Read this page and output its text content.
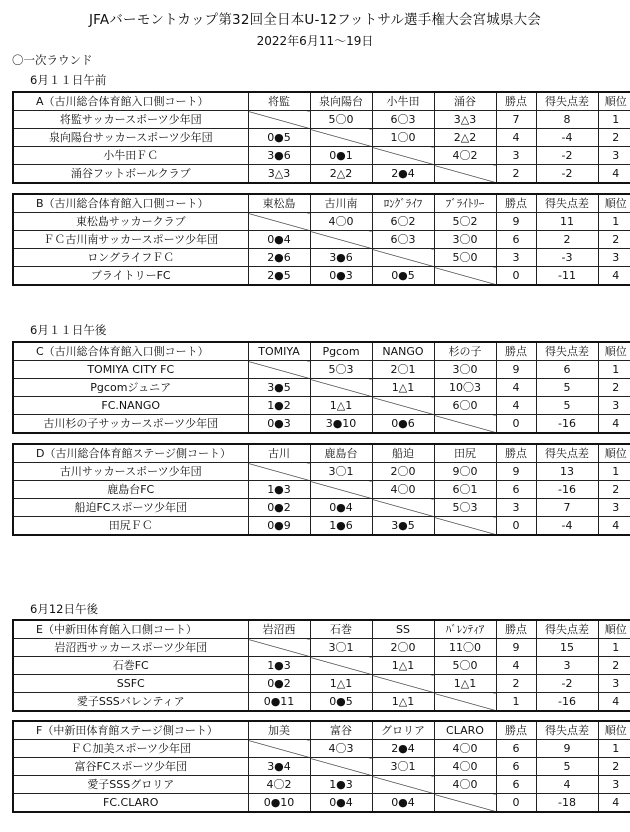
JFAバーモントカップ第32回全日本U-12フットサル選手権大会宮城県大会
2022年6月11～19日
〇一次ラウンド
6月１１日午前
6月１１日午後
6月12日午後
A（古川総合体育館入口側コート）	将監	泉向陽台	小牛田	涌谷	勝点	得失点差	順位
将監サッカースポーツ少年団		5〇0	6〇3	3△3	7	8	1
泉向陽台サッカースポーツ少年団	0●5		1〇0	2△2	4	-4	2
小牛田ＦＣ	3●6	0●1		4〇2	3	-2	3
涌谷フットボールクラブ	3△3	2△2	2●4		2	-2	4
B（古川総合体育館入口側コート）	東松島	古川南	ﾛﾝｸﾞﾗｲﾌ	ﾌﾞﾗｲﾄﾘｰ	勝点	得失点差	順位
東松島サッカークラブ		4〇0	6〇2	5〇2	9	11	1
ＦＣ古川南サッカースポーツ少年団	0●4		6〇3	3〇0	6	2	2
ロングライフＦＣ	2●6	3●6		5〇0	3	-3	3
ブライトリーFC	2●5	0●3	0●5		0	-11	4
C（古川総合体育館入口側コート）	TOMIYA	Pgcom	NANGO	杉の子	勝点	得失点差	順位
TOMIYA CITY FC		5〇3	2〇1	3〇0	9	6	1
Pgcomジュニア	3●5		1△1	10〇3	4	5	2
FC.NANGO	1●2	1△1		6〇0	4	5	3
古川杉の子サッカースポーツ少年団	0●3	3●10	0●6		0	-16	4
D（古川総合体育館ステージ側コート）	古川	鹿島台	船迫	田尻	勝点	得失点差	順位
古川サッカースポーツ少年団		3〇1	2〇0	9〇0	9	13	1
鹿島台FC	1●3		4〇0	6〇1	6	-16	2
船迫FCスポーツ少年団	0●2	0●4		5〇3	3	7	3
田尻ＦＣ	0●9	1●6	3●5		0	-4	4
E（中新田体育館入口側コート）	岩沼西	石巻	SS	ﾊﾞﾚﾝﾃｨｱ	勝点	得失点差	順位
岩沼西サッカースポーツ少年団		3〇1	2〇0	11〇0	9	15	1
石巻FC	1●3		1△1	5〇0	4	3	2
SSFC	0●2	1△1		1△1	2	-2	3
愛子SSSバレンティア	0●11	0●5	1△1		1	-16	4
F（中新田体育館ステージ側コート）	加美	富谷	グロリア	CLARO	勝点	得失点差	順位
ＦＣ加美スポーツ少年団		4〇3	2●4	4〇0	6	9	1
富谷FCスポーツ少年団	3●4		3〇1	4〇0	6	5	2
愛子SSSグロリア	4〇2	1●3		4〇0	6	4	3
FC.CLARO	0●10	0●4	0●4		0	-18	4
